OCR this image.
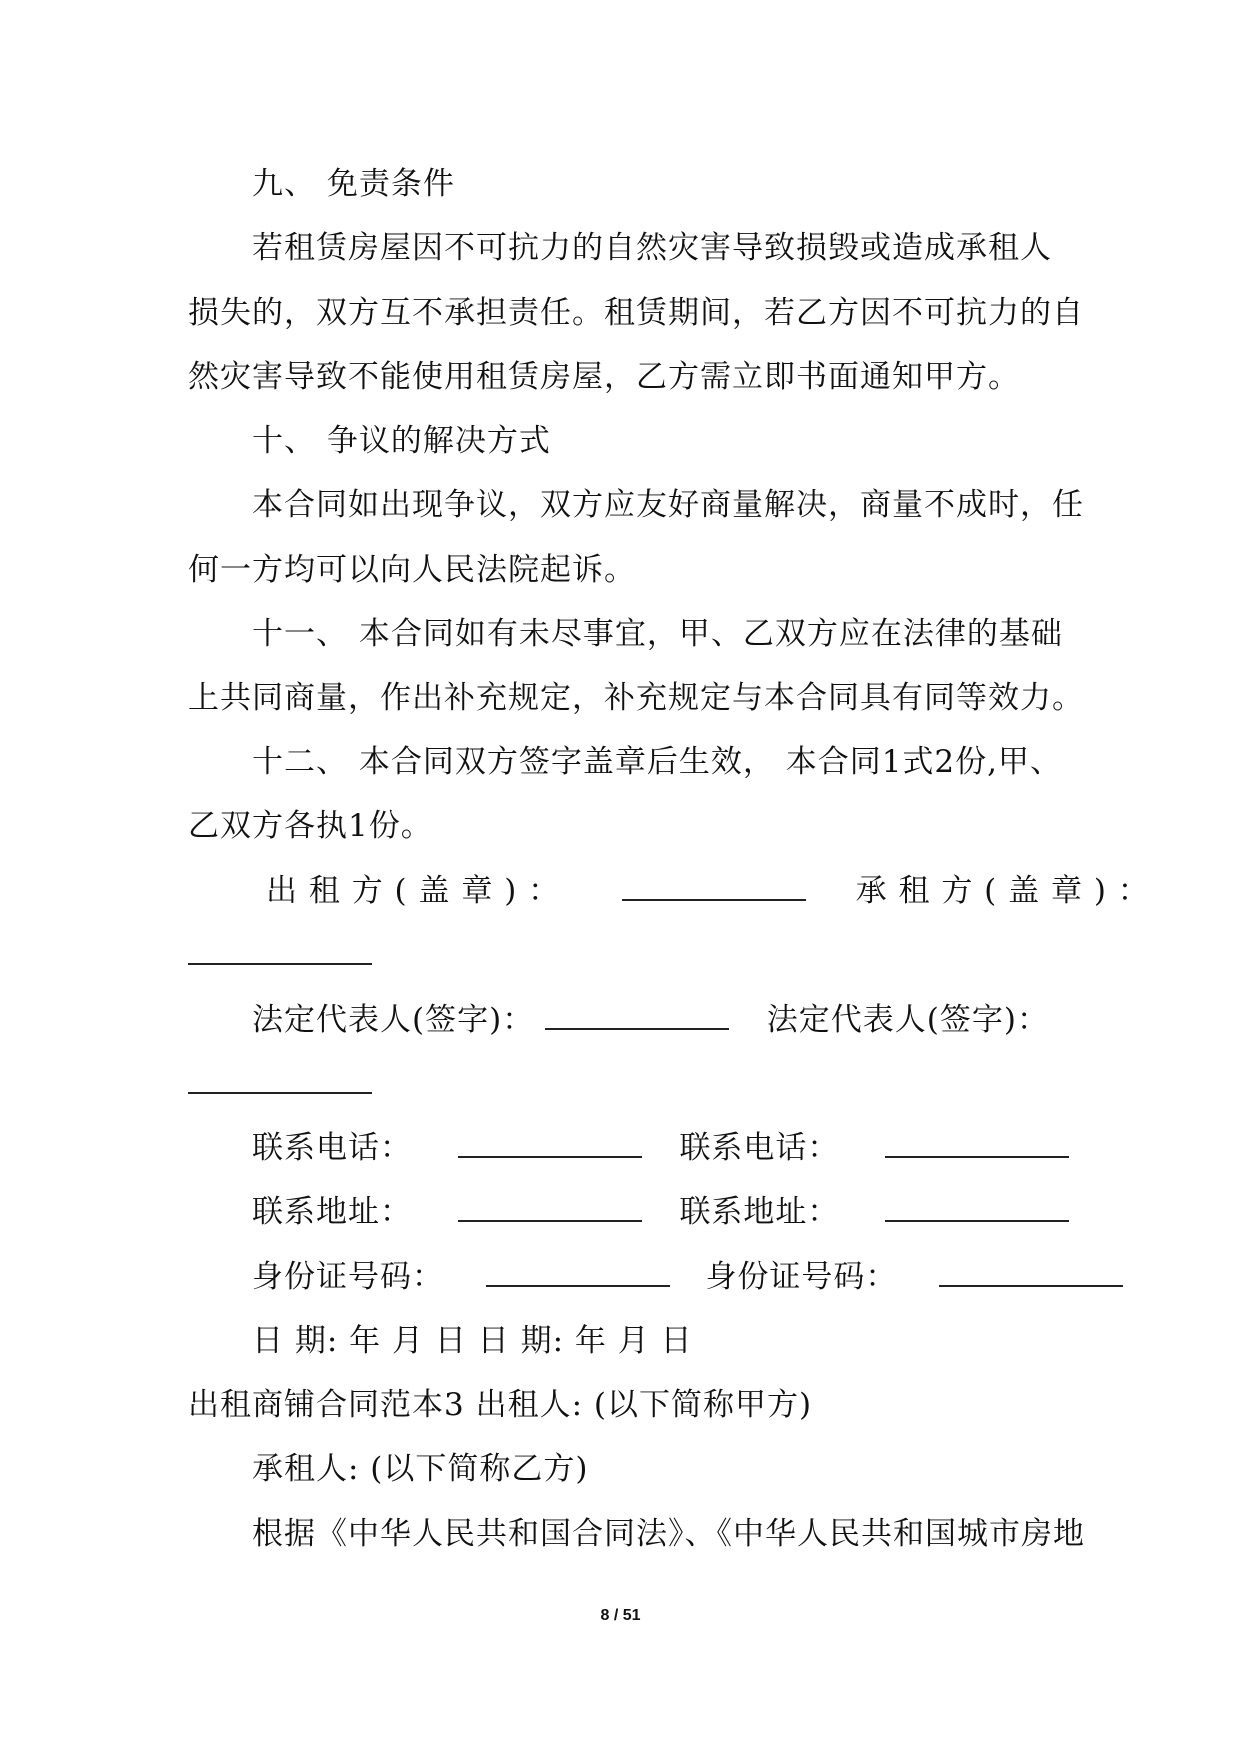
九、 免责条件
若租赁房屋因不可抗力的自然灾害导致损毁或造成承租人
损失的，双方互不承担责任。租赁期间，若乙方因不可抗力的自
然灾害导致不能使用租赁房屋，乙方需立即书面通知甲方。
十、 争议的解决方式
本合同如出现争议，双方应友好商量解决，商量不成时，任
何一方均可以向人民法院起诉。
十一、 本合同如有未尽事宜，甲、乙双方应在法律的基础
上共同商量，作出补充规定，补充规定与本合同具有同等效力。
十二、 本合同双方签字盖章后生效， 本合同1式2份,甲、
乙双方各执1份。
出 租 方 ( 盖 章 ) ：	承 租 方 ( 盖 章 ) ：
法定代表人(签字)：	法定代表人(签字)：
联系电话：	联系电话：
联系地址：	联系地址：
身份证号码：	身份证号码：
日 期: 年 月 日 日 期: 年 月 日
出租商铺合同范本3 出租人: (以下简称甲方)
承租人: (以下简称乙方)
根据《中华人民共和国合同法》、《中华人民共和国城市房地
8 / 51
